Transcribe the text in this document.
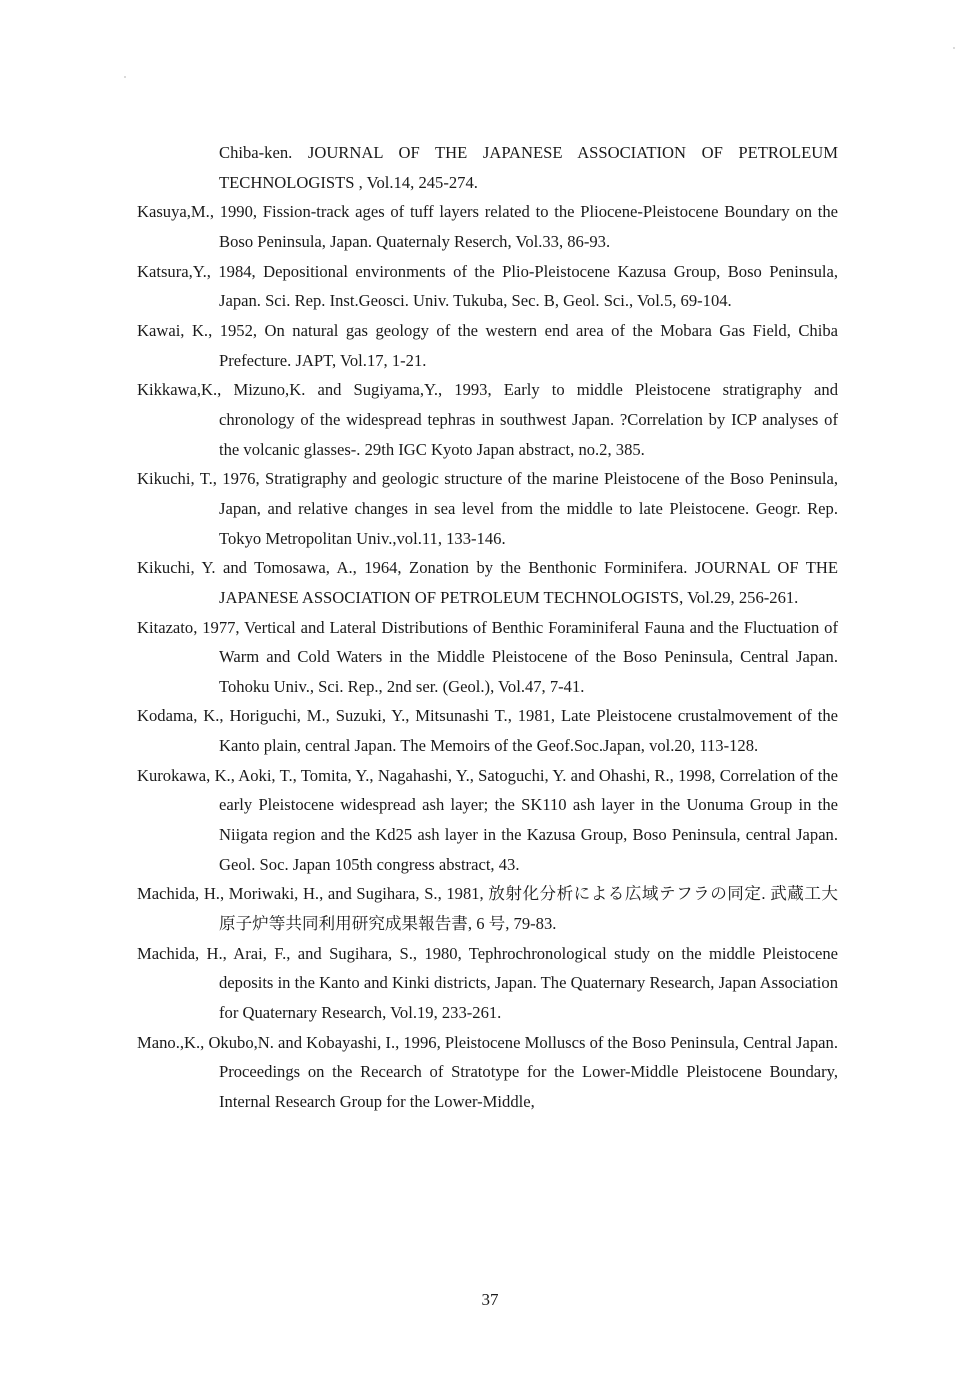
Chiba-ken. JOURNAL OF THE JAPANESE ASSOCIATION OF PETROLEUM TECHNOLOGISTS , Vol.14, 245-274.

Kasuya,M., 1990, Fission-track ages of tuff layers related to the Pliocene-Pleistocene Boundary on the Boso Peninsula, Japan. Quaternaly Reserch, Vol.33, 86-93.

Katsura,Y., 1984, Depositional environments of the Plio-Pleistocene Kazusa Group, Boso Peninsula, Japan. Sci. Rep. Inst.Geosci. Univ. Tukuba, Sec. B, Geol. Sci., Vol.5, 69-104.

Kawai, K., 1952, On natural gas geology of the western end area of the Mobara Gas Field, Chiba Prefecture. JAPT, Vol.17, 1-21.

Kikkawa,K., Mizuno,K. and Sugiyama,Y., 1993, Early to middle Pleistocene stratigraphy and chronology of the widespread tephras in southwest Japan. ?Correlation by ICP analyses of the volcanic glasses-. 29th IGC Kyoto Japan abstract, no.2, 385.

Kikuchi, T., 1976, Stratigraphy and geologic structure of the marine Pleistocene of the Boso Peninsula, Japan, and relative changes in sea level from the middle to late Pleistocene. Geogr. Rep. Tokyo Metropolitan Univ.,vol.11, 133-146.

Kikuchi, Y. and Tomosawa, A., 1964, Zonation by the Benthonic Forminifera. JOURNAL OF THE JAPANESE ASSOCIATION OF PETROLEUM TECHNOLOGISTS, Vol.29, 256-261.

Kitazato, 1977, Vertical and Lateral Distributions of Benthic Foraminiferal Fauna and the Fluctuation of Warm and Cold Waters in the Middle Pleistocene of the Boso Peninsula, Central Japan. Tohoku Univ., Sci. Rep., 2nd ser. (Geol.), Vol.47, 7-41.

Kodama, K., Horiguchi, M., Suzuki, Y., Mitsunashi T., 1981, Late Pleistocene crustalmovement of the Kanto plain, central Japan. The Memoirs of the Geof.Soc.Japan, vol.20, 113-128.

Kurokawa, K., Aoki, T., Tomita, Y., Nagahashi, Y., Satoguchi, Y. and Ohashi, R., 1998, Correlation of the early Pleistocene widespread ash layer; the SK110 ash layer in the Uonuma Group in the Niigata region and the Kd25 ash layer in the Kazusa Group, Boso Peninsula, central Japan. Geol. Soc. Japan 105th congress abstract, 43.

Machida, H., Moriwaki, H., and Sugihara, S., 1981, 放射化分析による広域テフラの同定. 武蔵工大原子炉等共同利用研究成果報告書, 6 号, 79-83.

Machida, H., Arai, F., and Sugihara, S., 1980, Tephrochronological study on the middle Pleistocene deposits in the Kanto and Kinki districts, Japan. The Quaternary Research, Japan Association for Quaternary Research, Vol.19, 233-261.

Mano.,K., Okubo,N. and Kobayashi, I., 1996, Pleistocene Molluscs of the Boso Peninsula, Central Japan. Proceedings on the Recearch of Stratotype for the Lower-Middle Pleistocene Boundary, Internal Research Group for the Lower-Middle,

37
